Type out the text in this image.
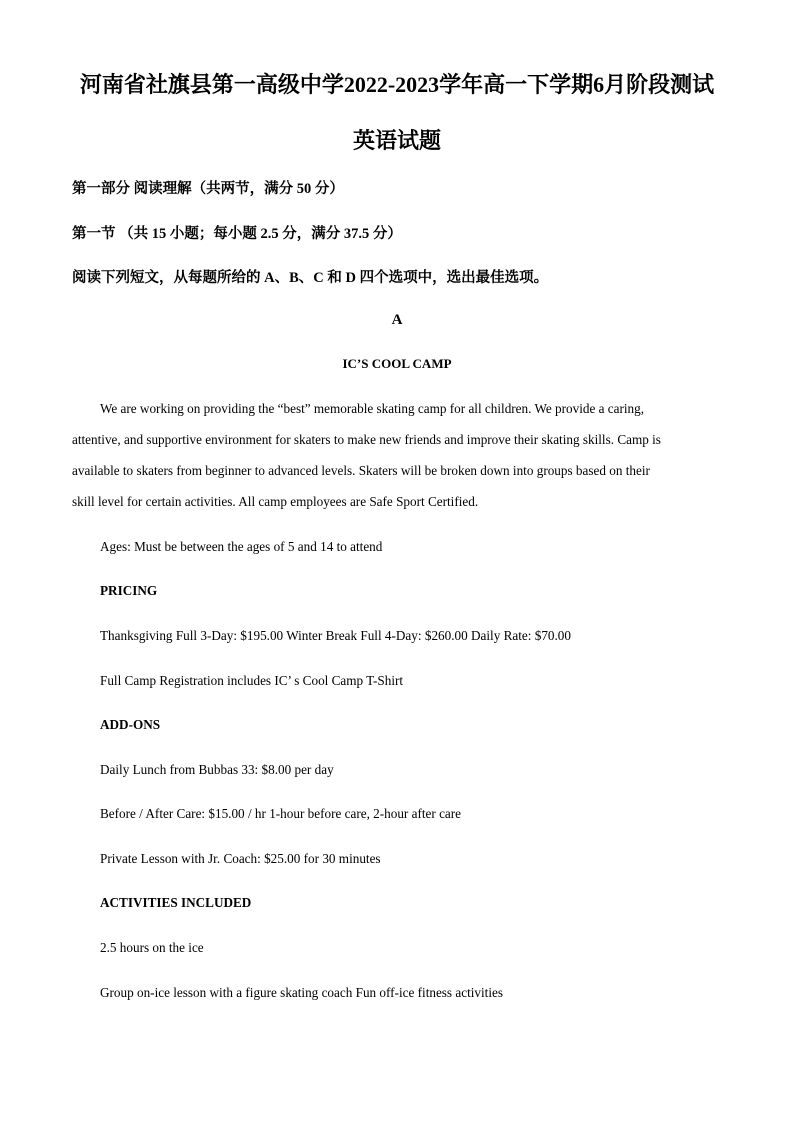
河南省社旗县第一高级中学2022-2023学年高一下学期6月阶段测试
英语试题
第一部分 阅读理解（共两节，满分 50 分）
第一节 （共 15 小题；每小题 2.5 分，满分 37.5 分）
阅读下列短文，从每题所给的 A、B、C 和 D 四个选项中，选出最佳选项。
A
IC’S COOL CAMP
We are working on providing the “best” memorable skating camp for all children. We provide a caring,
attentive, and supportive environment for skaters to make new friends and improve their skating skills. Camp is
available to skaters from beginner to advanced levels. Skaters will be broken down into groups based on their
skill level for certain activities. All camp employees are Safe Sport Certified.
Ages: Must be between the ages of 5 and 14 to attend
PRICING
Thanksgiving Full 3-Day: $195.00 Winter Break Full 4-Day: $260.00 Daily Rate: $70.00
Full Camp Registration includes IC’ s Cool Camp T-Shirt
ADD-ONS
Daily Lunch from Bubbas 33: $8.00 per day
Before / After Care: $15.00 / hr 1-hour before care, 2-hour after care
Private Lesson with Jr. Coach: $25.00 for 30 minutes
ACTIVITIES INCLUDED
2.5 hours on the ice
Group on-ice lesson with a figure skating coach Fun off-ice fitness activities
